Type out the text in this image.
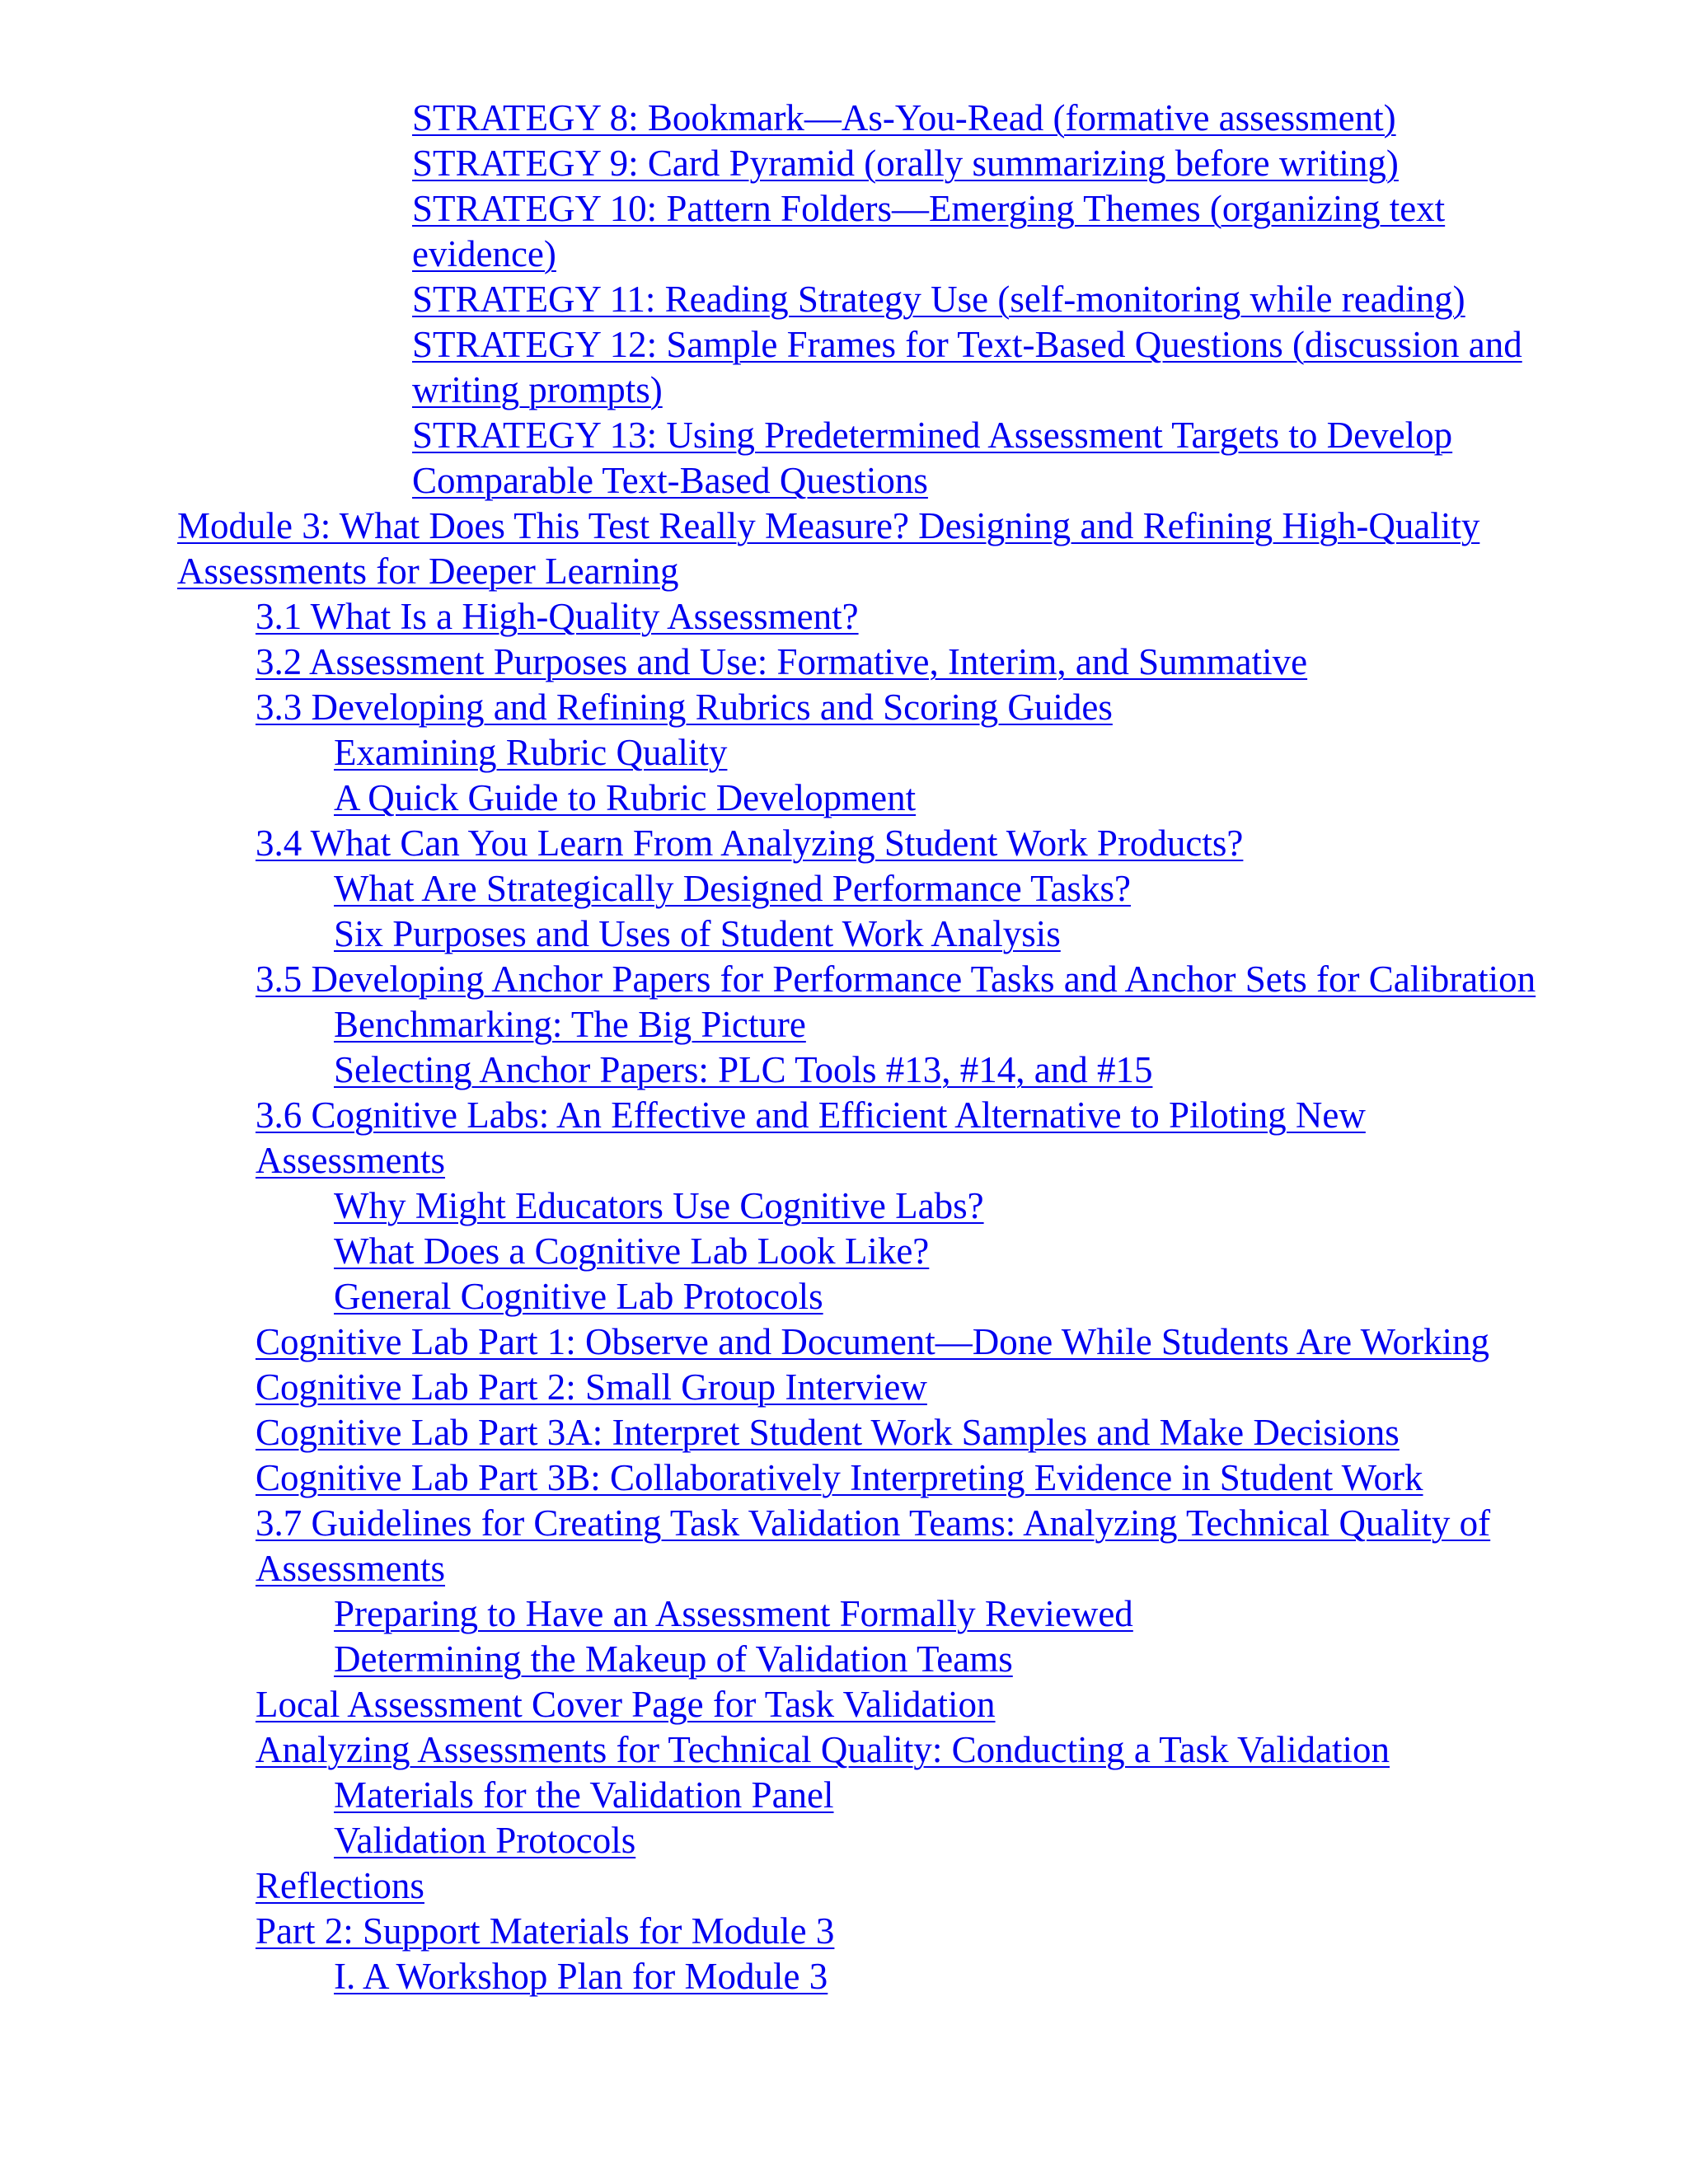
STRATEGY 8: Bookmark—As-You-Read (formative assessment)
STRATEGY 9: Card Pyramid (orally summarizing before writing)
STRATEGY 10: Pattern Folders—Emerging Themes (organizing text evidence)
STRATEGY 11: Reading Strategy Use (self-monitoring while reading)
STRATEGY 12: Sample Frames for Text-Based Questions (discussion and writing prompts)
STRATEGY 13: Using Predetermined Assessment Targets to Develop Comparable Text-Based Questions
Module 3: What Does This Test Really Measure? Designing and Refining High-Quality Assessments for Deeper Learning
3.1 What Is a High-Quality Assessment?
3.2 Assessment Purposes and Use: Formative, Interim, and Summative
3.3 Developing and Refining Rubrics and Scoring Guides
Examining Rubric Quality
A Quick Guide to Rubric Development
3.4 What Can You Learn From Analyzing Student Work Products?
What Are Strategically Designed Performance Tasks?
Six Purposes and Uses of Student Work Analysis
3.5 Developing Anchor Papers for Performance Tasks and Anchor Sets for Calibration
Benchmarking: The Big Picture
Selecting Anchor Papers: PLC Tools #13, #14, and #15
3.6 Cognitive Labs: An Effective and Efficient Alternative to Piloting New Assessments
Why Might Educators Use Cognitive Labs?
What Does a Cognitive Lab Look Like?
General Cognitive Lab Protocols
Cognitive Lab Part 1: Observe and Document—Done While Students Are Working
Cognitive Lab Part 2: Small Group Interview
Cognitive Lab Part 3A: Interpret Student Work Samples and Make Decisions
Cognitive Lab Part 3B: Collaboratively Interpreting Evidence in Student Work
3.7 Guidelines for Creating Task Validation Teams: Analyzing Technical Quality of Assessments
Preparing to Have an Assessment Formally Reviewed
Determining the Makeup of Validation Teams
Local Assessment Cover Page for Task Validation
Analyzing Assessments for Technical Quality: Conducting a Task Validation
Materials for the Validation Panel
Validation Protocols
Reflections
Part 2: Support Materials for Module 3
I. A Workshop Plan for Module 3
